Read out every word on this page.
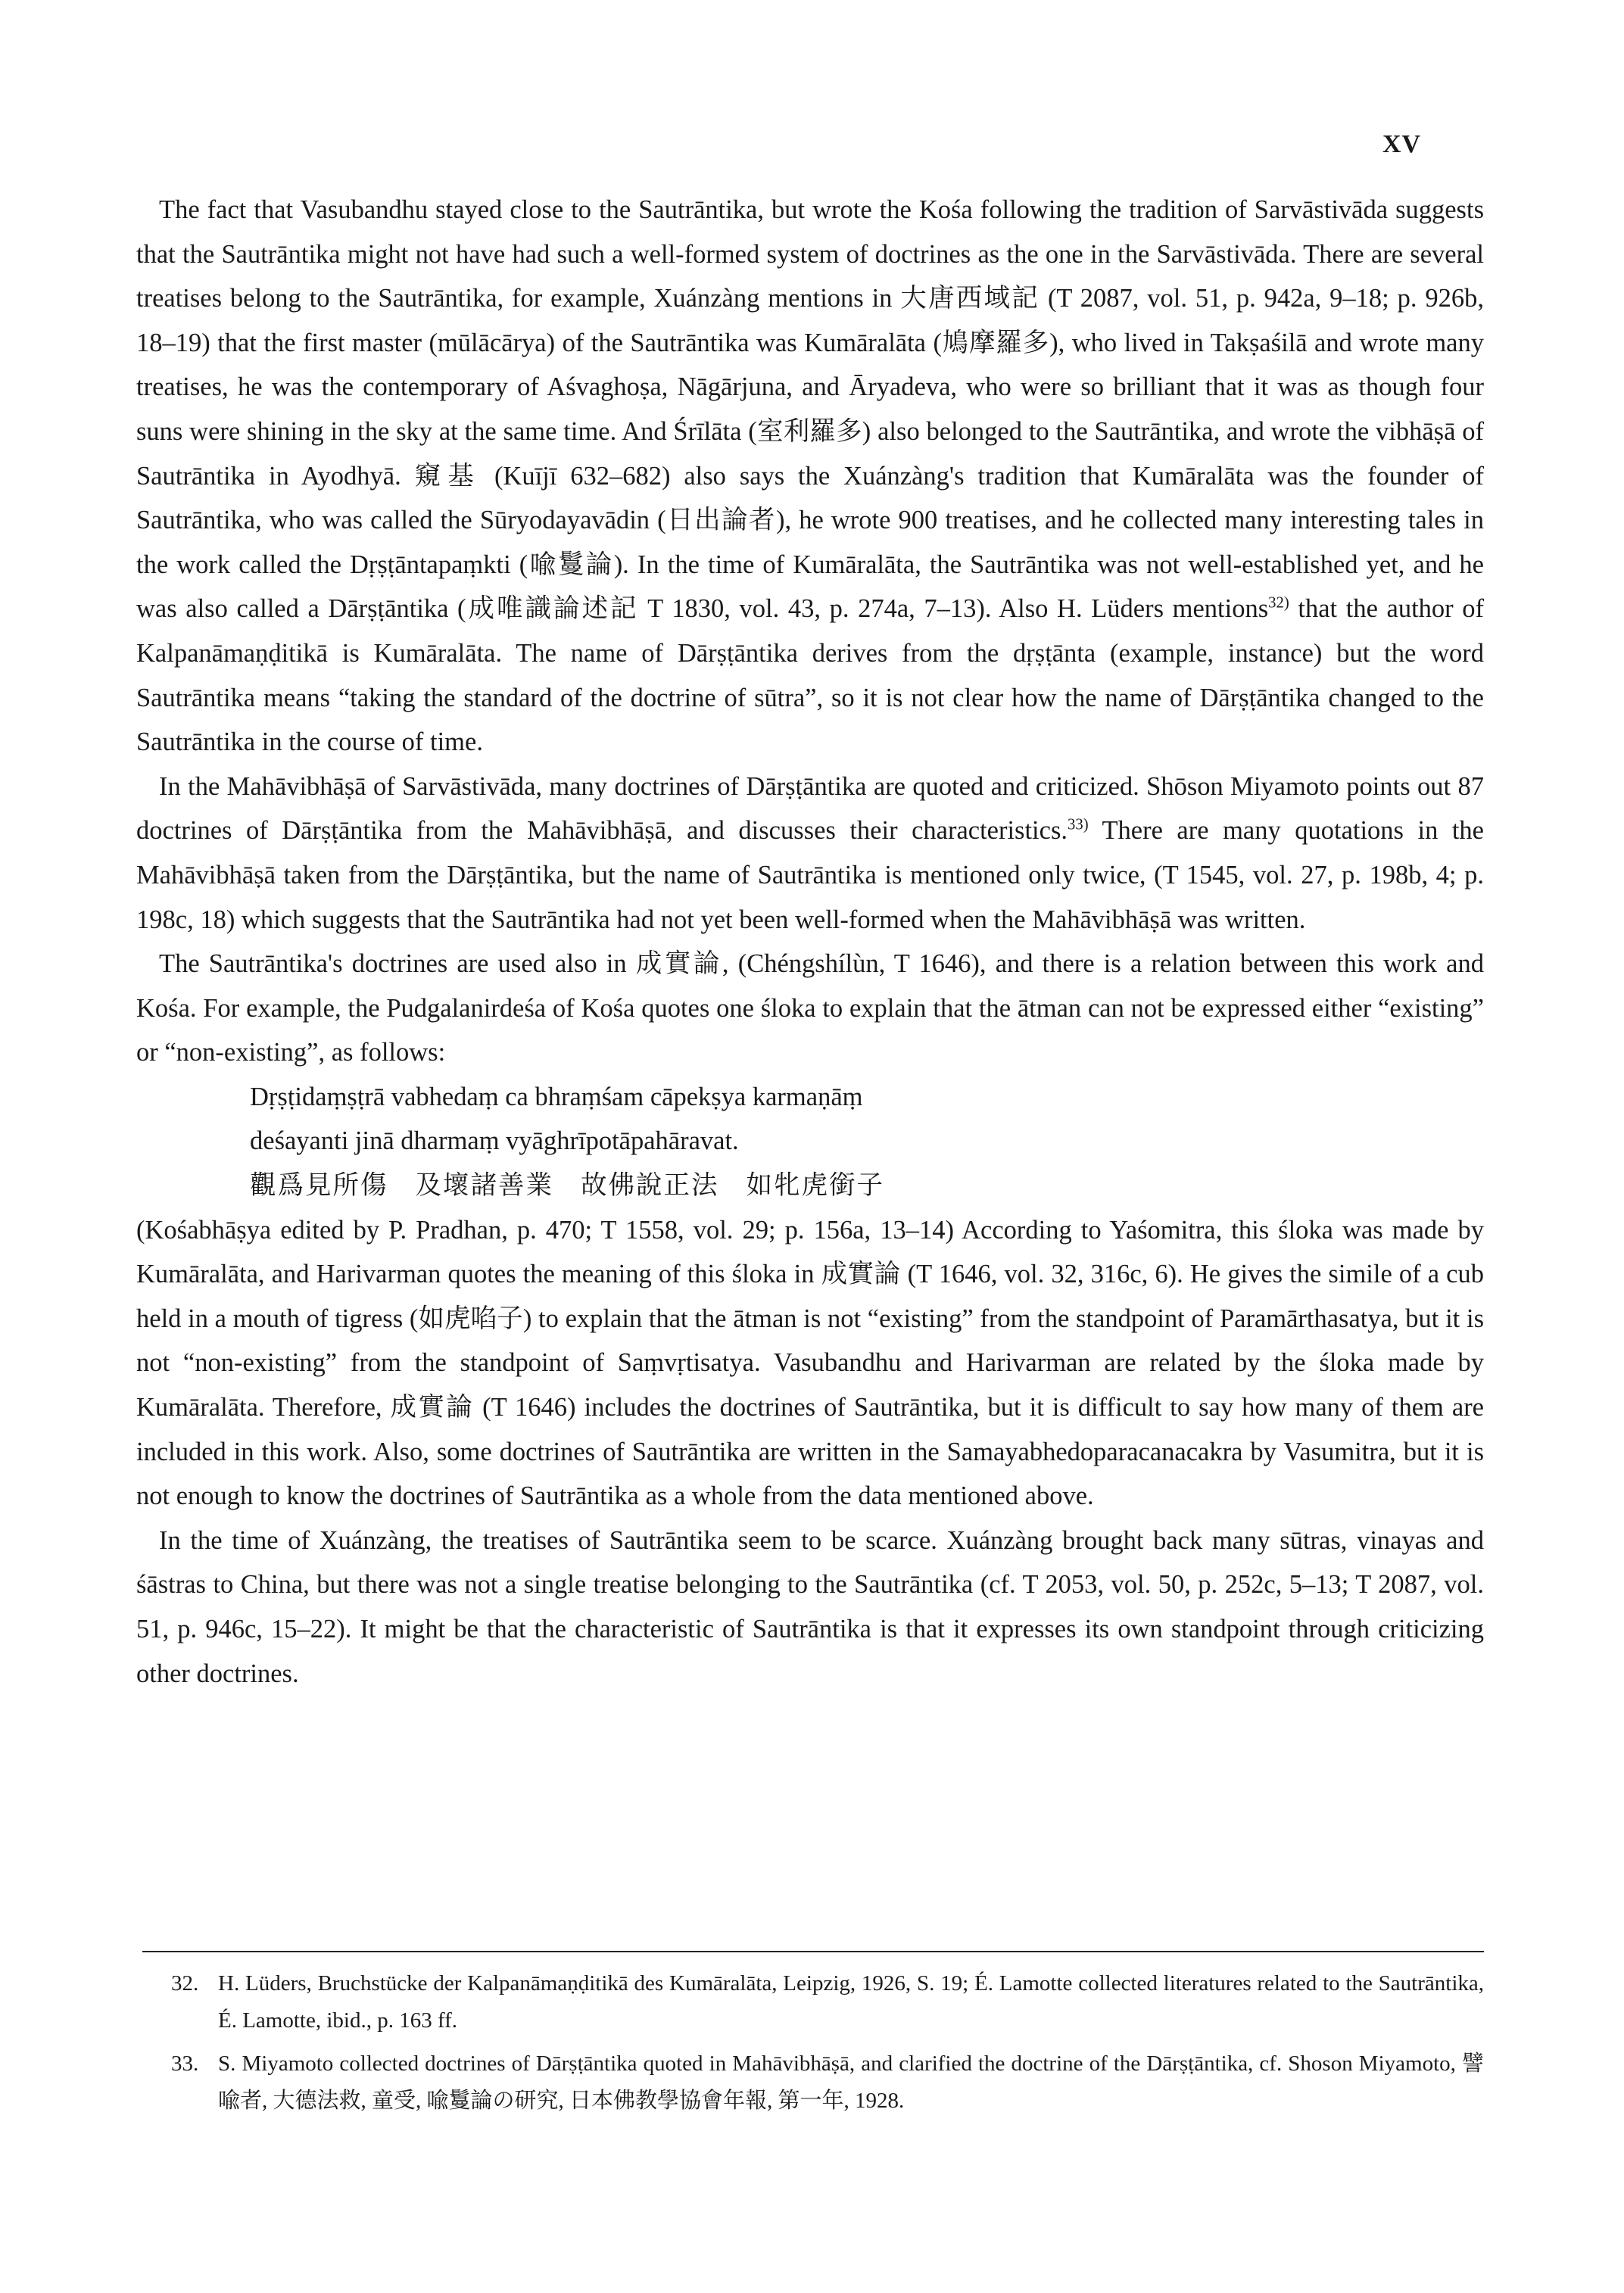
XV

The fact that Vasubandhu stayed close to the Sautrāntika, but wrote the Kośa following the tradition of Sarvāstivāda suggests that the Sautrāntika might not have had such a well-formed system of doctrines as the one in the Sarvāstivāda. There are several treatises belong to the Sautrāntika, for example, Xuánzàng mentions in 大唐西域記 (T 2087, vol. 51, p. 942a, 9–18; p. 926b, 18–19) that the first master (mūlācārya) of the Sautrāntika was Kumāralāta (鳩摩羅多), who lived in Takṣaśilā and wrote many treatises, he was the contemporary of Aśvaghoṣa, Nāgārjuna, and Āryadeva, who were so brilliant that it was as though four suns were shining in the sky at the same time. And Śrīlāta (室利羅多) also belonged to the Sautrāntika, and wrote the vibhāṣā of Sautrāntika in Ayodhyā. 窺基 (Kuījī 632–682) also says the Xuánzàng's tradition that Kumāralāta was the founder of Sautrāntika, who was called the Sūryodayavādin (日出論者), he wrote 900 treatises, and he collected many interesting tales in the work called the Dṛṣṭāntapaṃkti (喩鬘論). In the time of Kumāralāta, the Sautrāntika was not well-established yet, and he was also called a Dārṣṭāntika (成唯識論述記 T 1830, vol. 43, p. 274a, 7–13). Also H. Lüders mentions$^{32)}$ that the author of Kalpanāmaṇḍitikā is Kumāralāta. The name of Dārṣṭāntika derives from the dṛṣṭānta (example, instance) but the word Sautrāntika means “taking the standard of the doctrine of sūtra”, so it is not clear how the name of Dārṣṭāntika changed to the Sautrāntika in the course of time.

In the Mahāvibhāṣā of Sarvāstivāda, many doctrines of Dārṣṭāntika are quoted and criticized. Shōson Miyamoto points out 87 doctrines of Dārṣṭāntika from the Mahāvibhāṣā, and discusses their characteristics.$^{33)}$ There are many quotations in the Mahāvibhāṣā taken from the Dārṣṭāntika, but the name of Sautrāntika is mentioned only twice, (T 1545, vol. 27, p. 198b, 4; p. 198c, 18) which suggests that the Sautrāntika had not yet been well-formed when the Mahāvibhāṣā was written.

The Sautrāntika's doctrines are used also in 成實論, (Chéngshílùn, T 1646), and there is a relation between this work and Kośa. For example, the Pudgalanirdeśa of Kośa quotes one śloka to explain that the ātman can not be expressed either “existing” or “non-existing”, as follows:

Dṛṣṭidaṃṣṭrā vabhedaṃ ca bhraṃśam cāpekṣya karmaṇāṃ
deśayanti jinā dharmaṃ vyāghrīpotāpahāravat.
觀爲見所傷 及壞諸善業 故佛說正法 如牝虎銜子

(Kośabhāṣya edited by P. Pradhan, p. 470; T 1558, vol. 29; p. 156a, 13–14) According to Yaśomitra, this śloka was made by Kumāralāta, and Harivarman quotes the meaning of this śloka in 成實論 (T 1646, vol. 32, 316c, 6). He gives the simile of a cub held in a mouth of tigress (如虎啗子) to explain that the ātman is not “existing” from the standpoint of Paramārthasatya, but it is not “non-existing” from the standpoint of Saṃvṛtisatya. Vasubandhu and Harivarman are related by the śloka made by Kumāralāta. Therefore, 成實論 (T 1646) includes the doctrines of Sautrāntika, but it is difficult to say how many of them are included in this work. Also, some doctrines of Sautrāntika are written in the Samayabhedoparacanacakra by Vasumitra, but it is not enough to know the doctrines of Sautrāntika as a whole from the data mentioned above.

In the time of Xuánzàng, the treatises of Sautrāntika seem to be scarce. Xuánzàng brought back many sūtras, vinayas and śāstras to China, but there was not a single treatise belonging to the Sautrāntika (cf. T 2053, vol. 50, p. 252c, 5–13; T 2087, vol. 51, p. 946c, 15–22). It might be that the characteristic of Sautrāntika is that it expresses its own standpoint through criticizing other doctrines.

32. H. Lüders, Bruchstücke der Kalpanāmaṇḍitikā des Kumāralāta, Leipzig, 1926, S. 19; É. Lamotte collected literatures related to the Sautrāntika, É. Lamotte, ibid., p. 163 ff.
33. S. Miyamoto collected doctrines of Dārṣṭāntika quoted in Mahāvibhāṣā, and clarified the doctrine of the Dārṣṭāntika, cf. Shoson Miyamoto, 譬喩者, 大德法救, 童受, 喩鬘論の研究, 日本佛教學協會年報, 第一年, 1928.
